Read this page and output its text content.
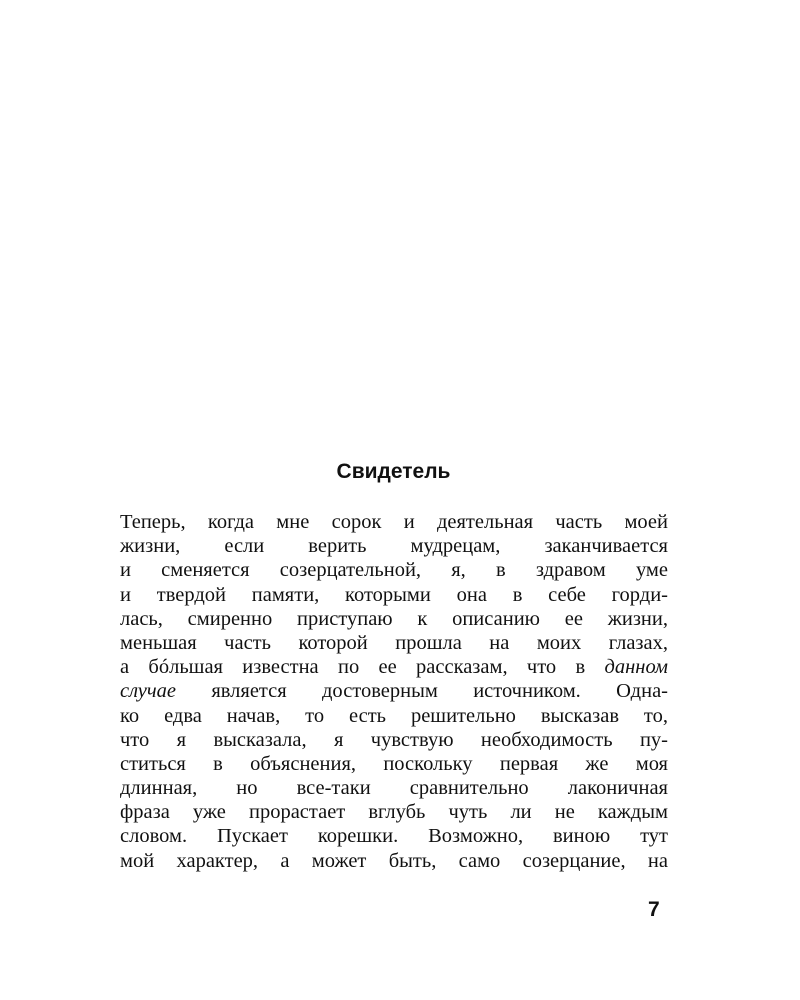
Свидетель
Теперь, когда мне сорок и деятельная часть моей
жизни, если верить мудрецам, заканчивается
и сменяется созерцательной, я, в здравом уме
и твердой памяти, которыми она в себе горди-
лась, смиренно приступаю к описанию ее жизни,
меньшая часть которой прошла на моих глазах,
а бóльшая известна по ее рассказам, что в данном
случае является достоверным источником. Одна-
ко едва начав, то есть решительно высказав то,
что я высказала, я чувствую необходимость пу-
ститься в объяснения, поскольку первая же моя
длинная, но все-таки сравнительно лаконичная
фраза уже прорастает вглубь чуть ли не каждым
словом. Пускает корешки. Возможно, виною тут
мой характер, а может быть, само созерцание, на

7
